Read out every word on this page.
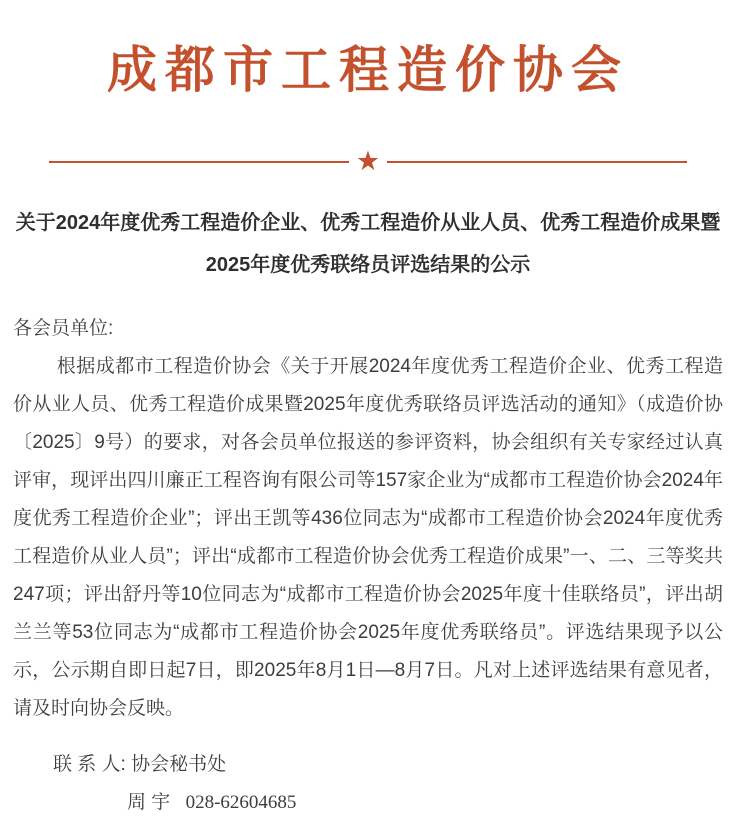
成都市工程造价协会
★
关于2024年度优秀工程造价企业、优秀工程造价从业人员、优秀工程造价成果暨
2025年度优秀联络员评选结果的公示
各会员单位:

根据成都市工程造价协会《关于开展2024年度优秀工程造价企业、优秀工程造价从业人员、优秀工程造价成果暨2025年度优秀联络员评选活动的通知》（成造价协〔2025〕9号）的要求，对各会员单位报送的参评资料，协会组织有关专家经过认真评审，现评出四川廉正工程咨询有限公司等157家企业为“成都市工程造价协会2024年度优秀工程造价企业”；评出王凯等436位同志为“成都市工程造价协会2024年度优秀工程造价从业人员”；评出“成都市工程造价协会优秀工程造价成果”一、二、三等奖共247项；评出舒丹等10位同志为“成都市工程造价协会2025年度十佳联络员”，评出胡兰兰等53位同志为“成都市工程造价协会2025年度优秀联络员”。评选结果现予以公示，公示期自即日起7日，即2025年8月1日—8月7日。凡对上述评选结果有意见者，请及时向协会反映。

联 系 人: 协会秘书处
周 宇 028-62604685
